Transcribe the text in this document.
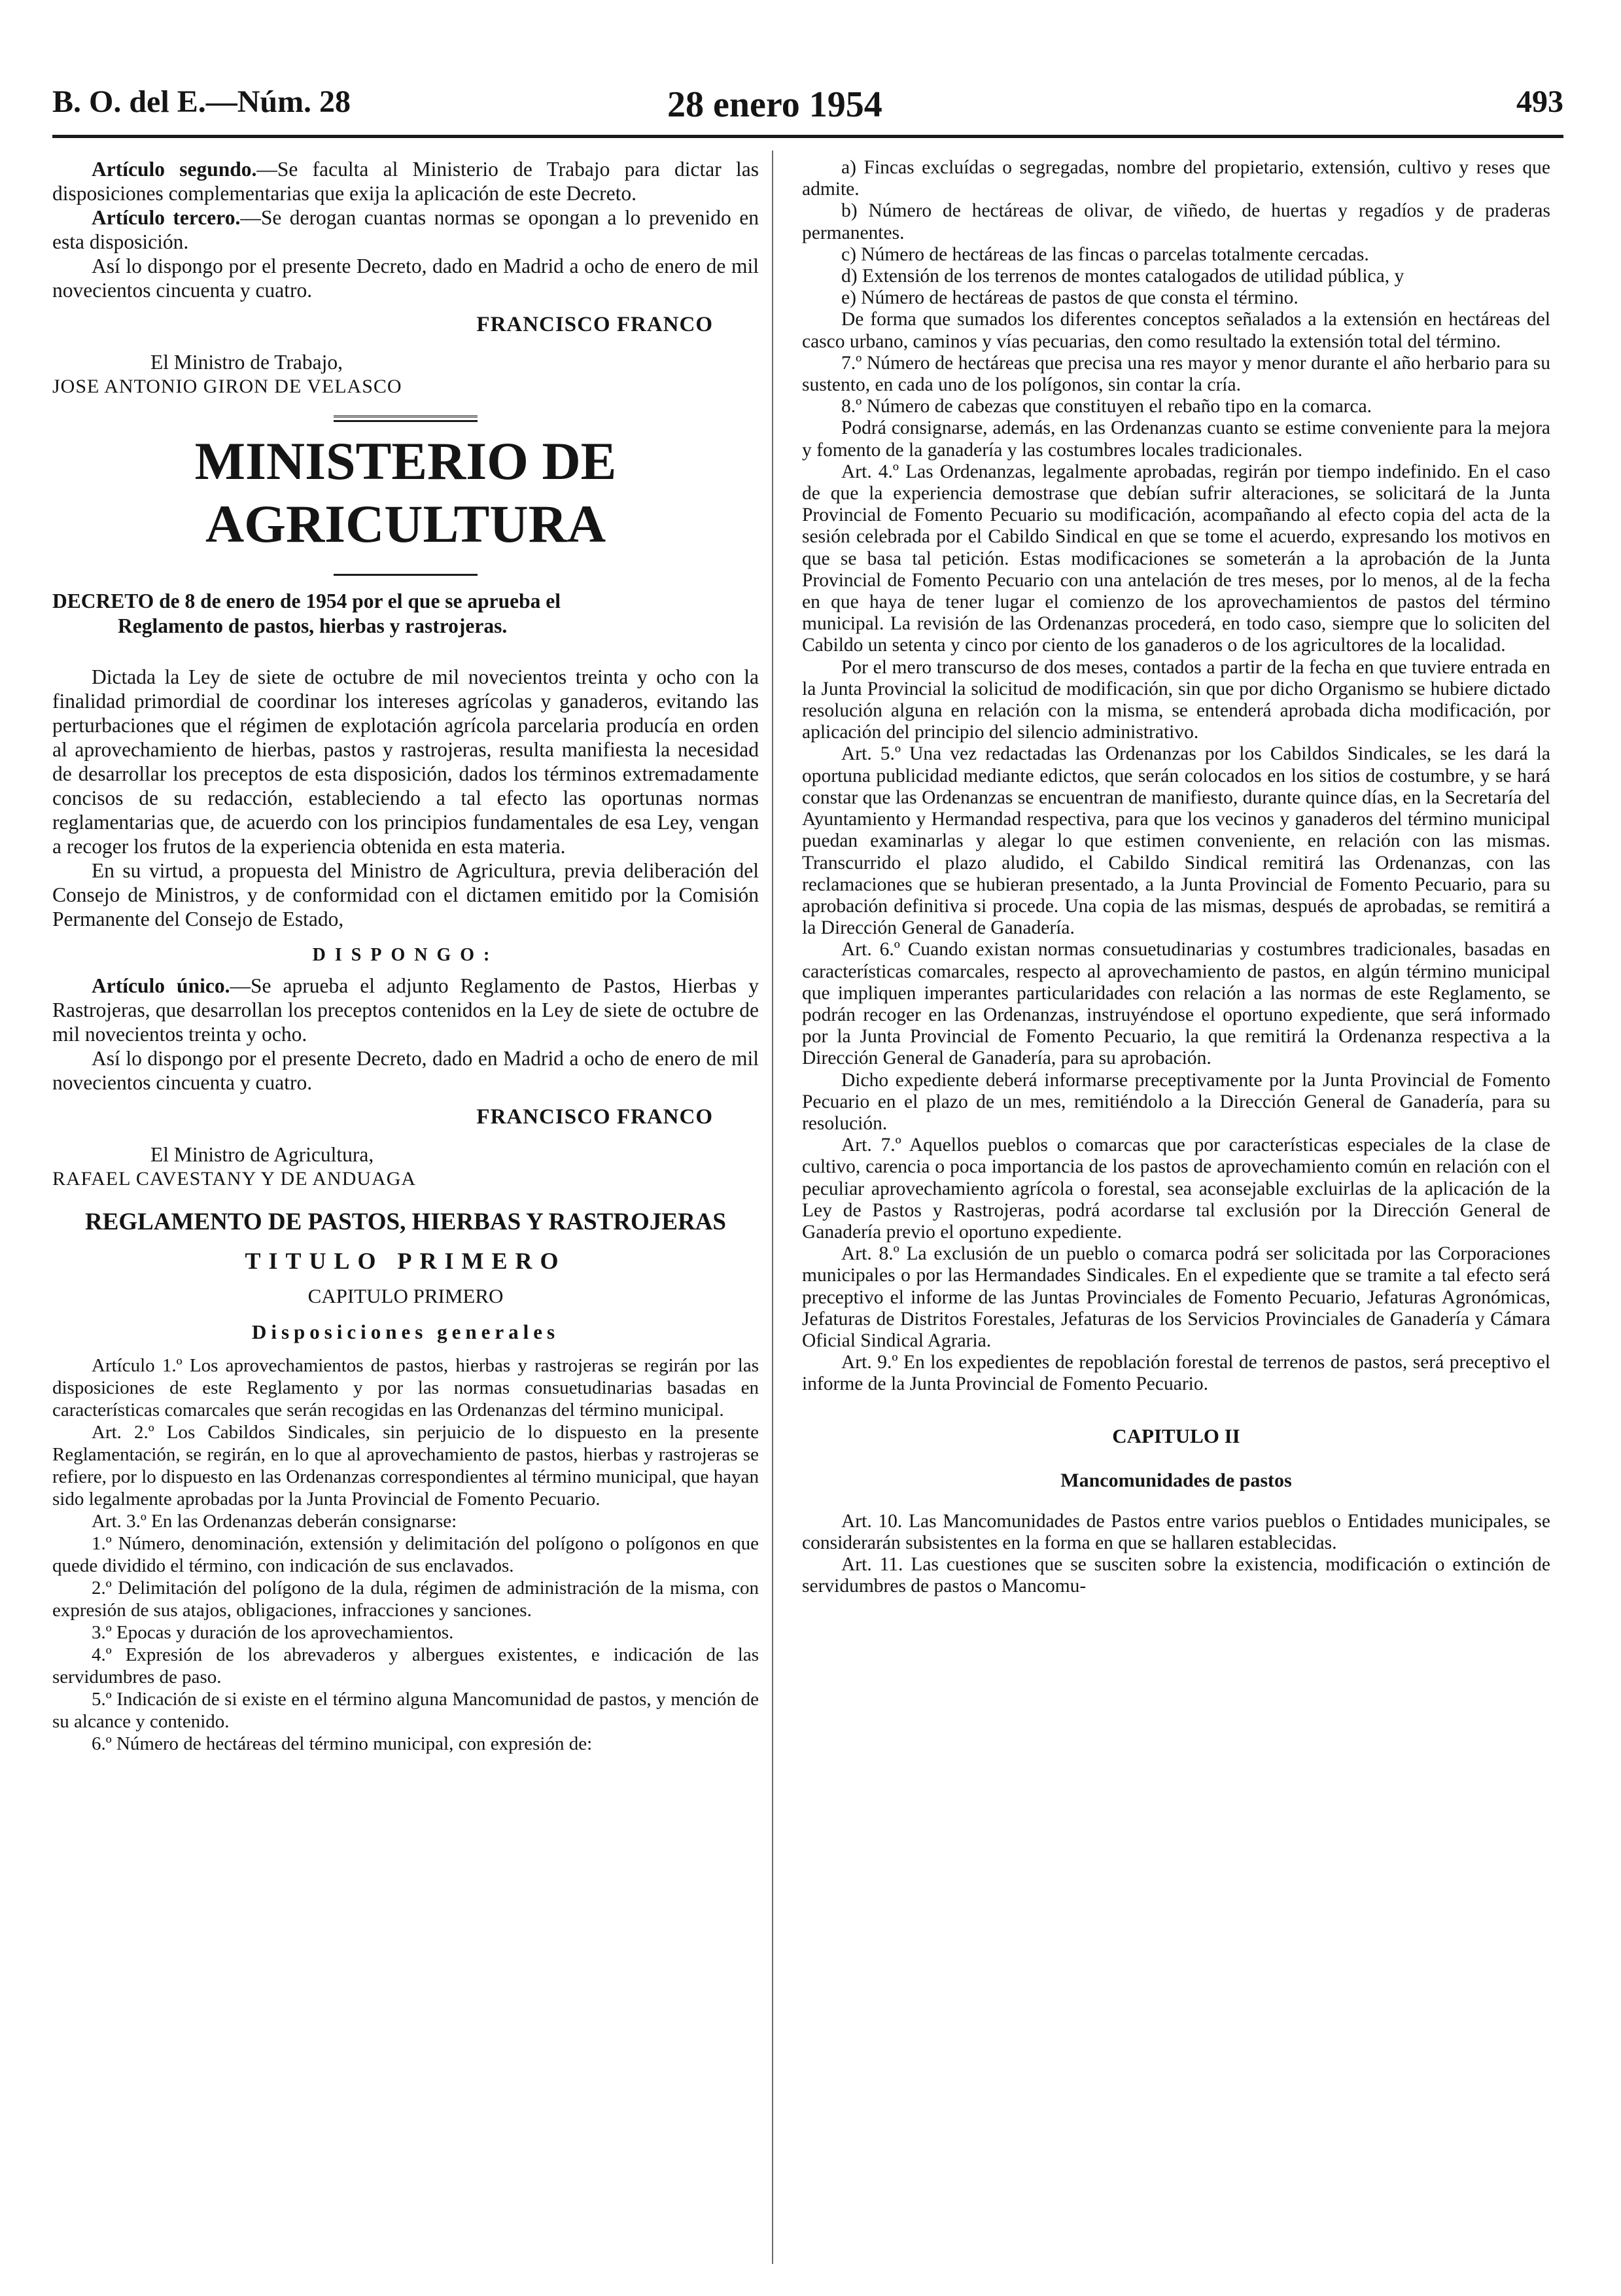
B. O. del E.—Núm. 28	28 enero 1954	493

Artículo segundo.—Se faculta al Ministerio de Trabajo para dictar las disposiciones complementarias que exija la aplicación de este Decreto.

Artículo tercero.—Se derogan cuantas normas se opongan a lo prevenido en esta disposición.

Así lo dispongo por el presente Decreto, dado en Madrid a ocho de enero de mil novecientos cincuenta y cuatro.

FRANCISCO FRANCO

El Ministro de Trabajo,

JOSE ANTONIO GIRON DE VELASCO

MINISTERIO DE AGRICULTURA

DECRETO de 8 de enero de 1954 por el que se aprueba el
Reglamento de pastos, hierbas y rastrojeras.

Dictada la Ley de siete de octubre de mil novecientos treinta y ocho con la finalidad primordial de coordinar los intereses agrícolas y ganaderos, evitando las perturbaciones que el régimen de explotación agrícola parcelaria producía en orden al aprovechamiento de hierbas, pastos y rastrojeras, resulta manifiesta la necesidad de desarrollar los preceptos de esta disposición, dados los términos extremadamente concisos de su redacción, estableciendo a tal efecto las oportunas normas reglamentarias que, de acuerdo con los principios fundamentales de esa Ley, vengan a recoger los frutos de la experiencia obtenida en esta materia.

En su virtud, a propuesta del Ministro de Agricultura, previa deliberación del Consejo de Ministros, y de conformidad con el dictamen emitido por la Comisión Permanente del Consejo de Estado,

DISPONGO:

Artículo único.—Se aprueba el adjunto Reglamento de Pastos, Hierbas y Rastrojeras, que desarrollan los preceptos contenidos en la Ley de siete de octubre de mil novecientos treinta y ocho.

Así lo dispongo por el presente Decreto, dado en Madrid a ocho de enero de mil novecientos cincuenta y cuatro.

FRANCISCO FRANCO

El Ministro de Agricultura,

RAFAEL CAVESTANY Y DE ANDUAGA

REGLAMENTO DE PASTOS, HIERBAS Y RASTROJERAS
TITULO PRIMERO
CAPITULO PRIMERO
Disposiciones generales

Artículo 1.º Los aprovechamientos de pastos, hierbas y rastrojeras se regirán por las disposiciones de este Reglamento y por las normas consuetudinarias basadas en características comarcales que serán recogidas en las Ordenanzas del término municipal.

Art. 2.º Los Cabildos Sindicales, sin perjuicio de lo dispuesto en la presente Reglamentación, se regirán, en lo que al aprovechamiento de pastos, hierbas y rastrojeras se refiere, por lo dispuesto en las Ordenanzas correspondientes al término municipal, que hayan sido legalmente aprobadas por la Junta Provincial de Fomento Pecuario.

Art. 3.º En las Ordenanzas deberán consignarse:

1.º Número, denominación, extensión y delimitación del polígono o polígonos en que quede dividido el término, con indicación de sus enclavados.

2.º Delimitación del polígono de la dula, régimen de administración de la misma, con expresión de sus atajos, obligaciones, infracciones y sanciones.

3.º Epocas y duración de los aprovechamientos.

4.º Expresión de los abrevaderos y albergues existentes, e indicación de las servidumbres de paso.

5.º Indicación de si existe en el término alguna Mancomunidad de pastos, y mención de su alcance y contenido.

6.º Número de hectáreas del término municipal, con expresión de:

a) Fincas excluídas o segregadas, nombre del propietario, extensión, cultivo y reses que admite.

b) Número de hectáreas de olivar, de viñedo, de huertas y regadíos y de praderas permanentes.

c) Número de hectáreas de las fincas o parcelas totalmente cercadas.

d) Extensión de los terrenos de montes catalogados de utilidad pública, y

e) Número de hectáreas de pastos de que consta el término.

De forma que sumados los diferentes conceptos señalados a la extensión en hectáreas del casco urbano, caminos y vías pecuarias, den como resultado la extensión total del término.

7.º Número de hectáreas que precisa una res mayor y menor durante el año herbario para su sustento, en cada uno de los polígonos, sin contar la cría.

8.º Número de cabezas que constituyen el rebaño tipo en la comarca.

Podrá consignarse, además, en las Ordenanzas cuanto se estime conveniente para la mejora y fomento de la ganadería y las costumbres locales tradicionales.

Art. 4.º Las Ordenanzas, legalmente aprobadas, regirán por tiempo indefinido. En el caso de que la experiencia demostrase que debían sufrir alteraciones, se solicitará de la Junta Provincial de Fomento Pecuario su modificación, acompañando al efecto copia del acta de la sesión celebrada por el Cabildo Sindical en que se tome el acuerdo, expresando los motivos en que se basa tal petición. Estas modificaciones se someterán a la aprobación de la Junta Provincial de Fomento Pecuario con una antelación de tres meses, por lo menos, al de la fecha en que haya de tener lugar el comienzo de los aprovechamientos de pastos del término municipal. La revisión de las Ordenanzas procederá, en todo caso, siempre que lo soliciten del Cabildo un setenta y cinco por ciento de los ganaderos o de los agricultores de la localidad.

Por el mero transcurso de dos meses, contados a partir de la fecha en que tuviere entrada en la Junta Provincial la solicitud de modificación, sin que por dicho Organismo se hubiere dictado resolución alguna en relación con la misma, se entenderá aprobada dicha modificación, por aplicación del principio del silencio administrativo.

Art. 5.º Una vez redactadas las Ordenanzas por los Cabildos Sindicales, se les dará la oportuna publicidad mediante edictos, que serán colocados en los sitios de costumbre, y se hará constar que las Ordenanzas se encuentran de manifiesto, durante quince días, en la Secretaría del Ayuntamiento y Hermandad respectiva, para que los vecinos y ganaderos del término municipal puedan examinarlas y alegar lo que estimen conveniente, en relación con las mismas. Transcurrido el plazo aludido, el Cabildo Sindical remitirá las Ordenanzas, con las reclamaciones que se hubieran presentado, a la Junta Provincial de Fomento Pecuario, para su aprobación definitiva si procede. Una copia de las mismas, después de aprobadas, se remitirá a la Dirección General de Ganadería.

Art. 6.º Cuando existan normas consuetudinarias y costumbres tradicionales, basadas en características comarcales, respecto al aprovechamiento de pastos, en algún término municipal que impliquen imperantes particularidades con relación a las normas de este Reglamento, se podrán recoger en las Ordenanzas, instruyéndose el oportuno expediente, que será informado por la Junta Provincial de Fomento Pecuario, la que remitirá la Ordenanza respectiva a la Dirección General de Ganadería, para su aprobación.

Dicho expediente deberá informarse preceptivamente por la Junta Provincial de Fomento Pecuario en el plazo de un mes, remitiéndolo a la Dirección General de Ganadería, para su resolución.

Art. 7.º Aquellos pueblos o comarcas que por características especiales de la clase de cultivo, carencia o poca importancia de los pastos de aprovechamiento común en relación con el peculiar aprovechamiento agrícola o forestal, sea aconsejable excluirlas de la aplicación de la Ley de Pastos y Rastrojeras, podrá acordarse tal exclusión por la Dirección General de Ganadería previo el oportuno expediente.

Art. 8.º La exclusión de un pueblo o comarca podrá ser solicitada por las Corporaciones municipales o por las Hermandades Sindicales. En el expediente que se tramite a tal efecto será preceptivo el informe de las Juntas Provinciales de Fomento Pecuario, Jefaturas Agronómicas, Jefaturas de Distritos Forestales, Jefaturas de los Servicios Provinciales de Ganadería y Cámara Oficial Sindical Agraria.

Art. 9.º En los expedientes de repoblación forestal de terrenos de pastos, será preceptivo el informe de la Junta Provincial de Fomento Pecuario.

CAPITULO II
Mancomunidades de pastos

Art. 10. Las Mancomunidades de Pastos entre varios pueblos o Entidades municipales, se considerarán subsistentes en la forma en que se hallaren establecidas.

Art. 11. Las cuestiones que se susciten sobre la existencia, modificación o extinción de servidumbres de pastos o Mancomu-
